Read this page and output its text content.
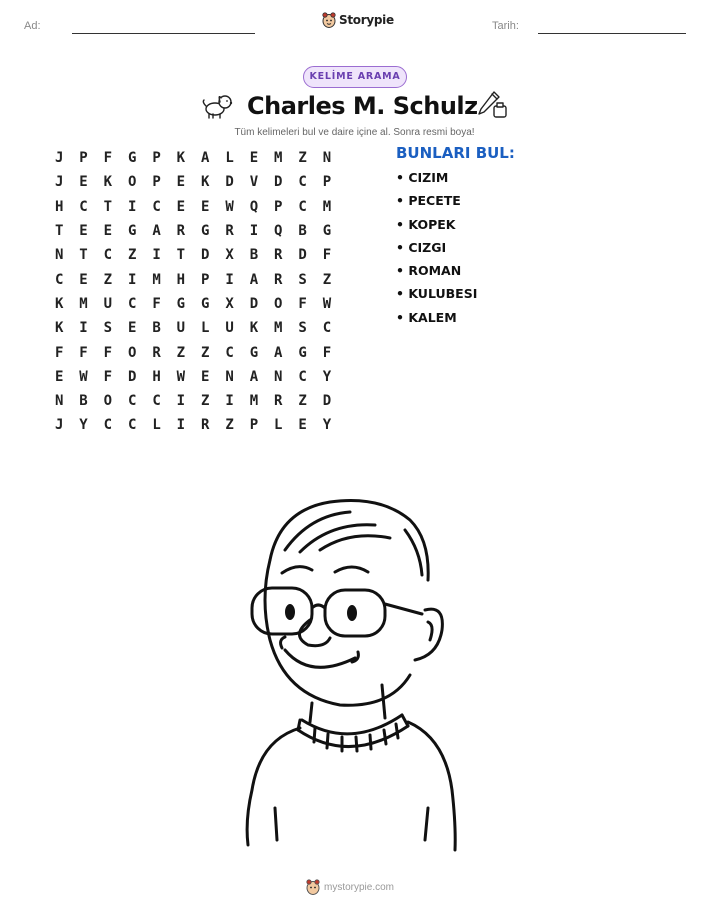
Ad:	Storypie	Tarih:
KELİME ARAMA
Charles M. Schulz
Tüm kelimeleri bul ve daire içine al. Sonra resmi boya!
J	P	F	G	P	K	A	L	E	M	Z	N
J	E	K	O	P	E	K	D	V	D	C	P
H	C	T	I	C	E	E	W	Q	P	C	M
T	E	E	G	A	R	G	R	I	Q	B	G
N	T	C	Z	I	T	D	X	B	R	D	F
C	E	Z	I	M	H	P	I	A	R	S	Z
K	M	U	C	F	G	G	X	D	O	F	W
K	I	S	E	B	U	L	U	K	M	S	C
F	F	F	O	R	Z	Z	C	G	A	G	F
E	W	F	D	H	W	E	N	A	N	C	Y
N	B	O	C	C	I	Z	I	M	R	Z	D
J	Y	C	C	L	I	R	Z	P	L	E	Y
BUNLARI BUL:
• CIZIM
• PECETE
• KOPEK
• CIZGI
• ROMAN
• KULUBESI
• KALEM
mystorypie.com
